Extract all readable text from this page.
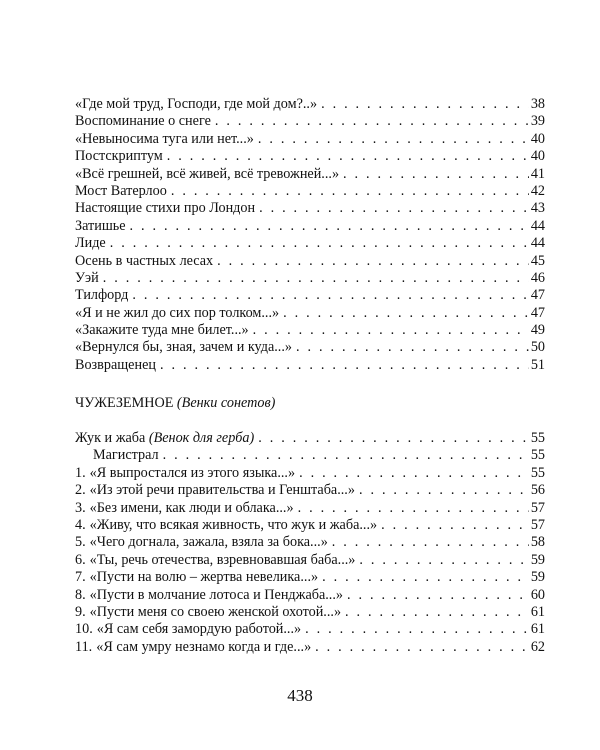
«Где мой труд, Господи, где мой дом?..» . . .	38
Воспоминание о снеге . . .	39
«Невыносима туга или нет...» . . .	40
Постскриптум . . .	40
«Всё грешней, всё живей, всё тревожней...» . . .	41
Мост Ватерлоо . . .	42
Настоящие стихи про Лондон . . .	43
Затишье . . .	44
Лиде . . .	44
Осень в частных лесах . . .	45
Уэй . . .	46
Тилфорд . . .	47
«Я и не жил до сих пор толком...» . . .	47
«Закажите туда мне билет...» . . .	49
«Вернулся бы, зная, зачем и куда...» . . .	50
Возвращенец . . .	51
ЧУЖЕЗЕМНОЕ (Венки сонетов)
Жук и жаба (Венок для герба) . . .	55
Магистрал . . .	55
1. «Я выпростался из этого языка...» . . .	55
2. «Из этой речи правительства и Генштаба...» . . .	56
3. «Без имени, как люди и облака...» . . .	57
4. «Живу, что всякая живность, что жук и жаба...» . . .	57
5. «Чего догнала, зажала, взяла за бока...» . . .	58
6. «Ты, речь отечества, взревновавшая баба...» . . .	59
7. «Пусти на волю – жертва невелика...» . . .	59
8. «Пусти в молчание лотоса и Пенджаба...» . . .	60
9. «Пусти меня со своею женской охотой...» . . .	61
10. «Я сам себя замордую работой...» . . .	61
11. «Я сам умру незнамо когда и где...» . . .	62
438
